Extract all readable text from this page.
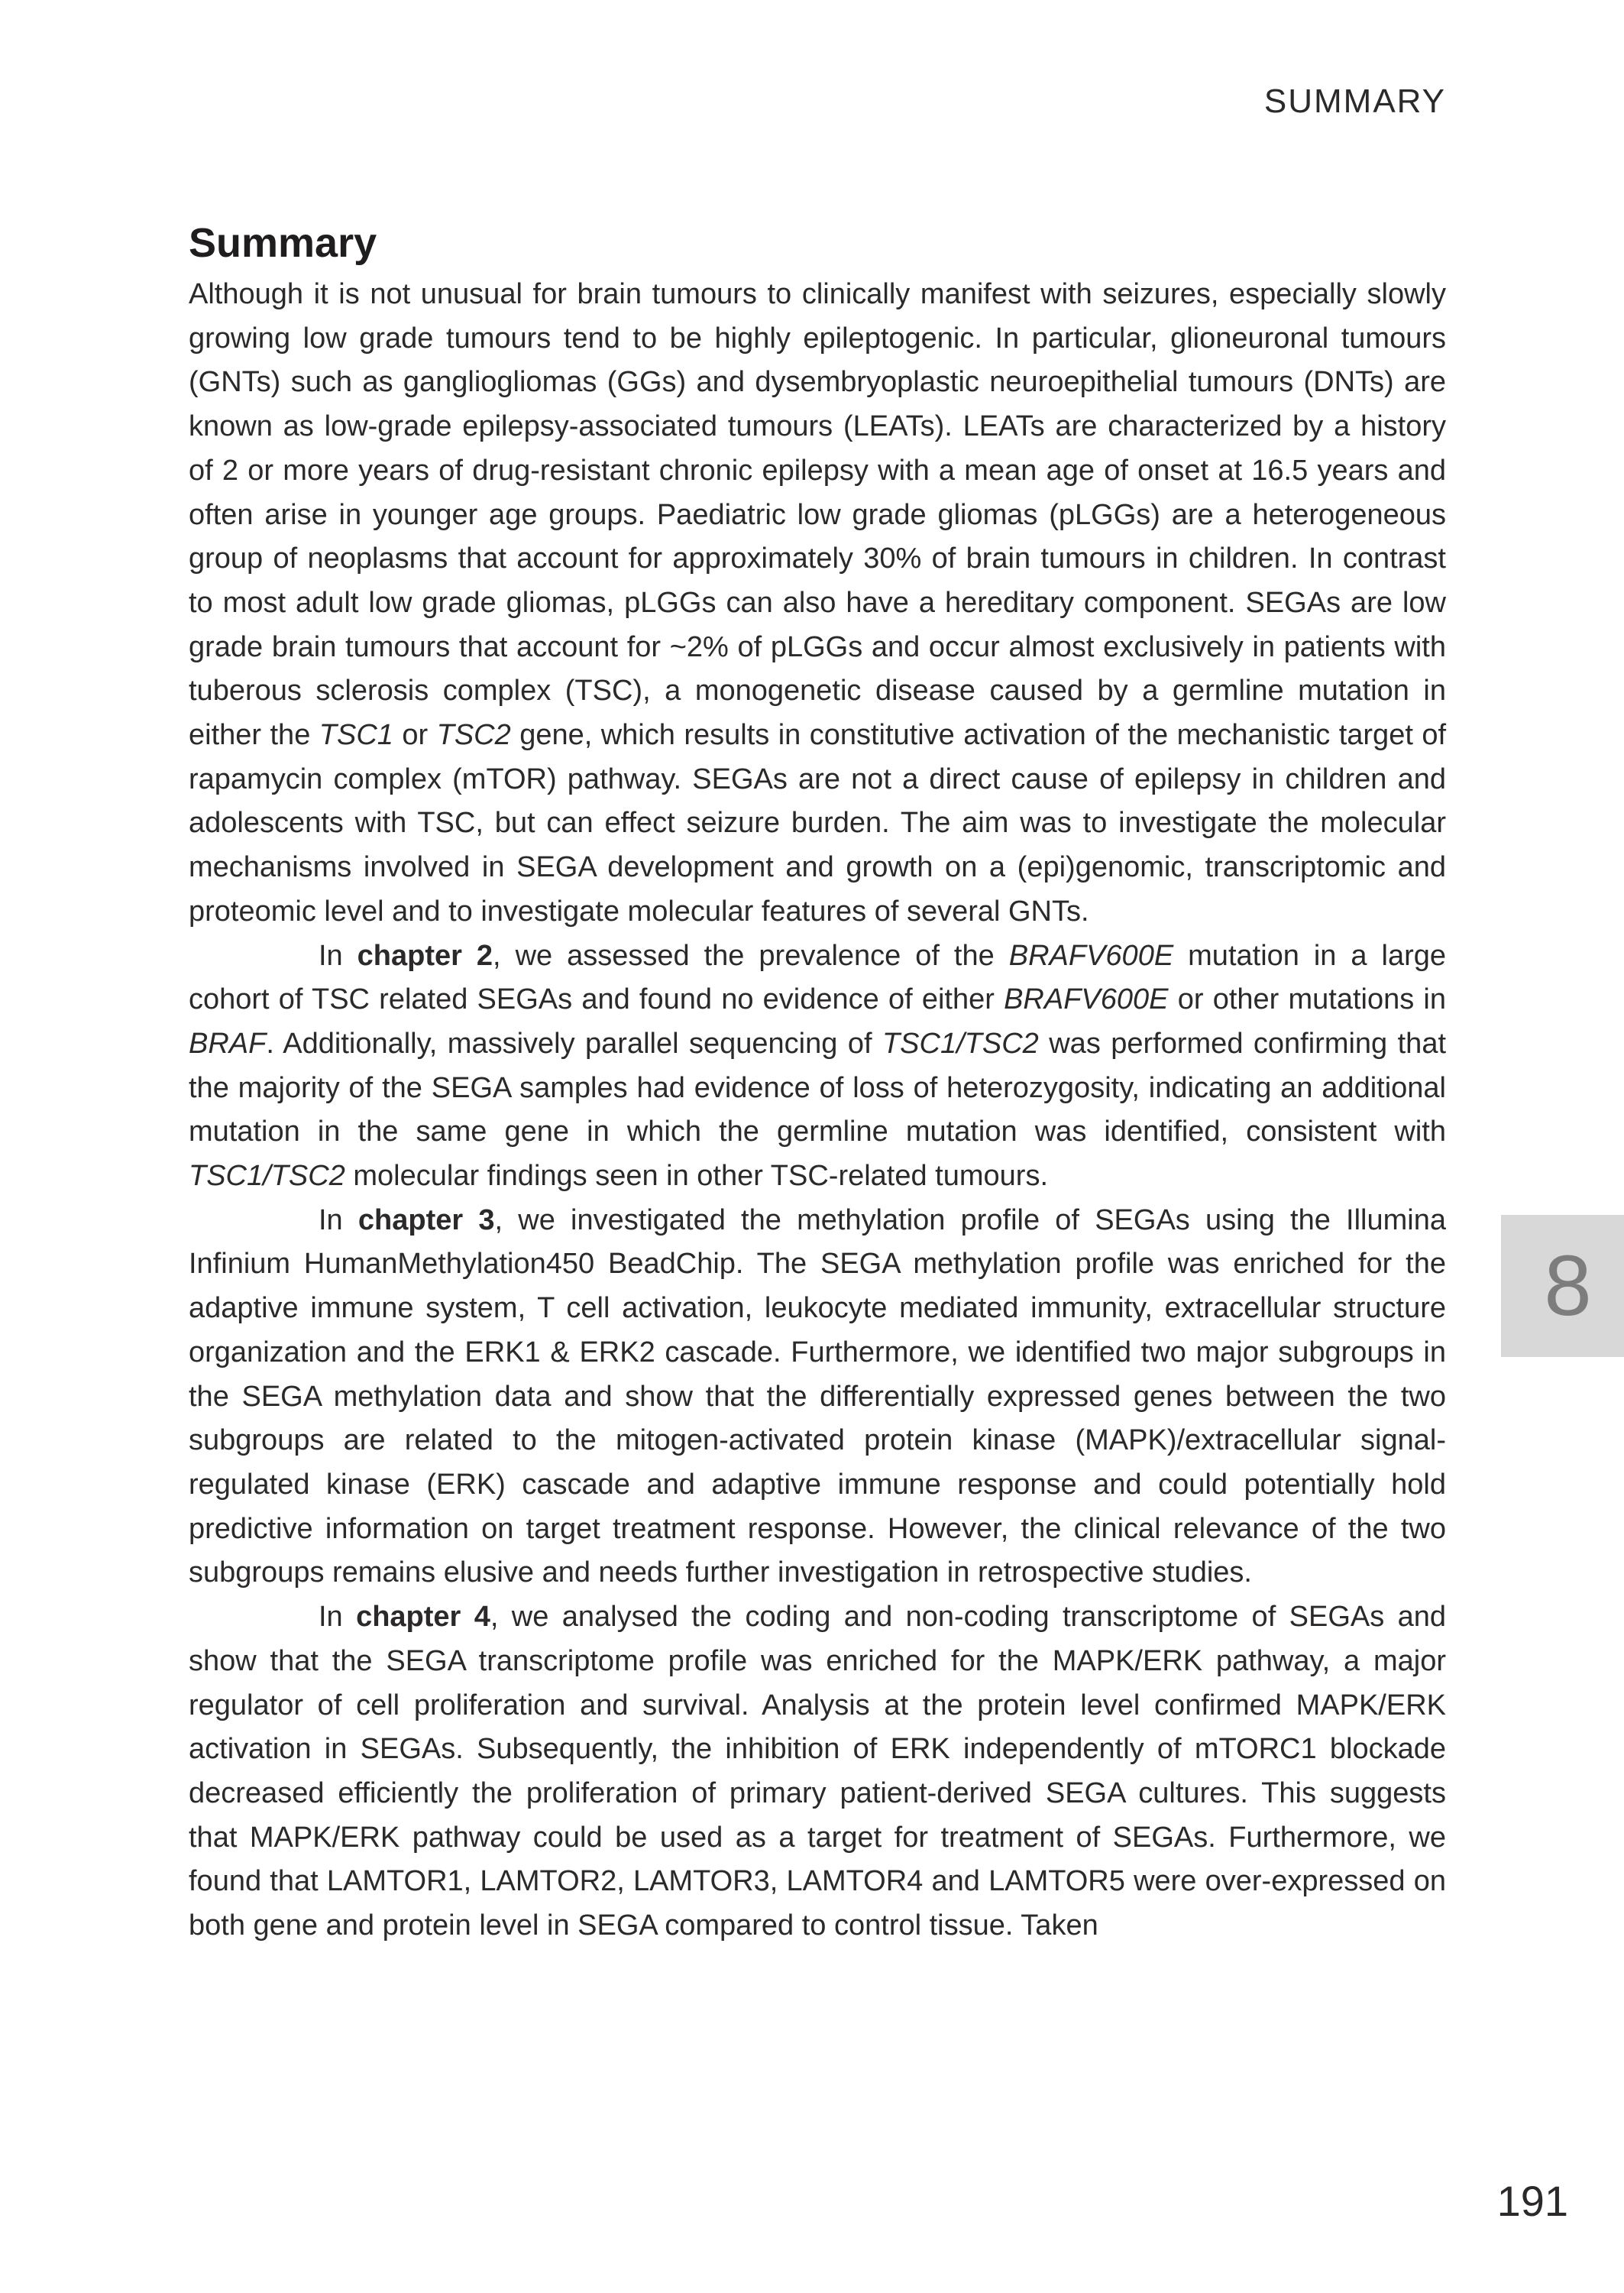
SUMMARY
Summary

Although it is not unusual for brain tumours to clinically manifest with seizures, especially slowly growing low grade tumours tend to be highly epileptogenic. In particular, glioneuronal tumours (GNTs) such as gangliogliomas (GGs) and dysembryoplastic neuroepithelial tumours (DNTs) are known as low-grade epilepsy-associated tumours (LEATs). LEATs are characterized by a history of 2 or more years of drug-resistant chronic epilepsy with a mean age of onset at 16.5 years and often arise in younger age groups. Paediatric low grade gliomas (pLGGs) are a heterogeneous group of neoplasms that account for approximately 30% of brain tumours in children. In contrast to most adult low grade gliomas, pLGGs can also have a hereditary component. SEGAs are low grade brain tumours that account for ~2% of pLGGs and occur almost exclusively in patients with tuberous sclerosis complex (TSC), a monogenetic disease caused by a germline mutation in either the TSC1 or TSC2 gene, which results in constitutive activation of the mechanistic target of rapamycin complex (mTOR) pathway. SEGAs are not a direct cause of epilepsy in children and adolescents with TSC, but can effect seizure burden. The aim was to investigate the molecular mechanisms involved in SEGA development and growth on a (epi)genomic, transcriptomic and proteomic level and to investigate molecular features of several GNTs.

In chapter 2, we assessed the prevalence of the BRAFV600E mutation in a large cohort of TSC related SEGAs and found no evidence of either BRAFV600E or other mutations in BRAF. Additionally, massively parallel sequencing of TSC1/TSC2 was performed confirming that the majority of the SEGA samples had evidence of loss of heterozygosity, indicating an additional mutation in the same gene in which the germline mutation was identified, consistent with TSC1/TSC2 molecular findings seen in other TSC-related tumours.

In chapter 3, we investigated the methylation profile of SEGAs using the Illumina Infinium HumanMethylation450 BeadChip. The SEGA methylation profile was enriched for the adaptive immune system, T cell activation, leukocyte mediated immunity, extracellular structure organization and the ERK1 & ERK2 cascade. Furthermore, we identified two major subgroups in the SEGA methylation data and show that the differentially expressed genes between the two subgroups are related to the mitogen-activated protein kinase (MAPK)/extracellular signal-regulated kinase (ERK) cascade and adaptive immune response and could potentially hold predictive information on target treatment response. However, the clinical relevance of the two subgroups remains elusive and needs further investigation in retrospective studies.

In chapter 4, we analysed the coding and non-coding transcriptome of SEGAs and show that the SEGA transcriptome profile was enriched for the MAPK/ERK pathway, a major regulator of cell proliferation and survival. Analysis at the protein level confirmed MAPK/ERK activation in SEGAs. Subsequently, the inhibition of ERK independently of mTORC1 blockade decreased efficiently the proliferation of primary patient-derived SEGA cultures. This suggests that MAPK/ERK pathway could be used as a target for treatment of SEGAs. Furthermore, we found that LAMTOR1, LAMTOR2, LAMTOR3, LAMTOR4 and LAMTOR5 were over-expressed on both gene and protein level in SEGA compared to control tissue. Taken

8
191
